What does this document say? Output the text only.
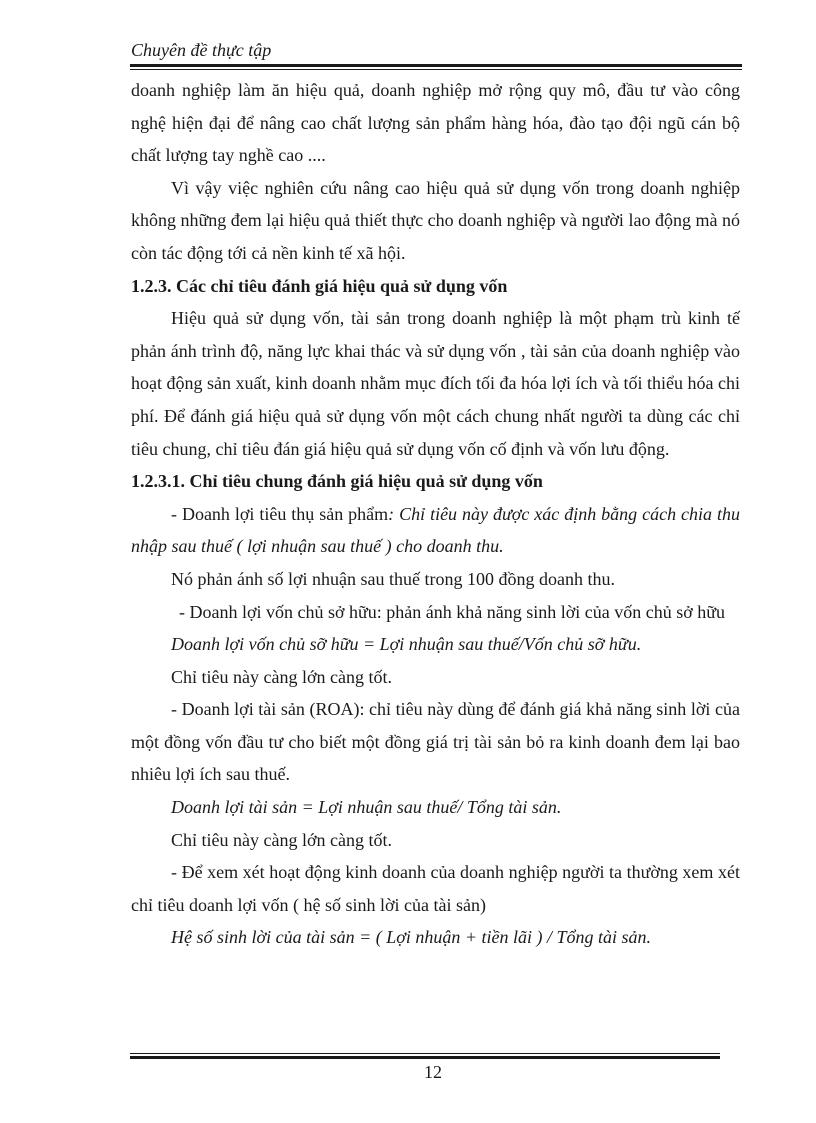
Chuyên đề thực tập

doanh nghiệp làm ăn hiệu quả, doanh nghiệp mở rộng quy mô, đầu tư vào công nghệ hiện đại để nâng cao chất lượng sản phẩm hàng hóa, đào tạo đội ngũ cán bộ chất lượng tay nghề cao ....

Vì vậy việc nghiên cứu nâng cao hiệu quả sử dụng vốn trong doanh nghiệp không những đem lại hiệu quả thiết thực cho doanh nghiệp và người lao động mà nó còn tác động tới cả nền kinh tế xã hội.

1.2.3. Các chỉ tiêu đánh giá hiệu quả sử dụng vốn

Hiệu quả sử dụng vốn, tài sản trong doanh nghiệp là một phạm trù kinh tế phản ánh trình độ, năng lực khai thác và sử dụng vốn , tài sản của doanh nghiệp vào hoạt động sản xuất, kinh doanh nhằm mục đích tối đa hóa lợi ích và tối thiểu hóa chi phí. Để đánh giá hiệu quả sử dụng vốn một cách chung nhất người ta dùng các chỉ tiêu chung, chỉ tiêu đán giá hiệu quả sử dụng vốn cố định và vốn lưu động.

1.2.3.1. Chỉ tiêu chung đánh giá hiệu quả sử dụng vốn

- Doanh lợi tiêu thụ sản phẩm: Chỉ tiêu này được xác định bằng cách chia thu nhập sau thuế ( lợi nhuận sau thuế ) cho doanh thu.

Nó phản ánh số lợi nhuận sau thuế trong 100 đồng doanh thu.

- Doanh lợi vốn chủ sở hữu: phản ánh khả năng sinh lời của vốn chủ sở hữu

Doanh lợi vốn chủ sỡ hữu = Lợi nhuận sau thuế/Vốn chủ sỡ hữu.

Chỉ tiêu này càng lớn càng tốt.

- Doanh lợi tài sản (ROA): chỉ tiêu này dùng để đánh giá khả năng sinh lời của một đồng vốn đầu tư cho biết một đồng giá trị tài sản bỏ ra kinh doanh đem lại bao nhiêu lợi ích sau thuế.

Doanh lợi tài sản = Lợi nhuận sau thuế/ Tổng tài sản.

Chỉ tiêu này càng lớn càng tốt.

- Để xem xét hoạt động kinh doanh của doanh nghiệp người ta thường xem xét chỉ tiêu doanh lợi vốn ( hệ số sinh lời của tài sản)

Hệ số sinh lời của tài sản = ( Lợi nhuận + tiền lãi ) / Tổng tài sản.

12
